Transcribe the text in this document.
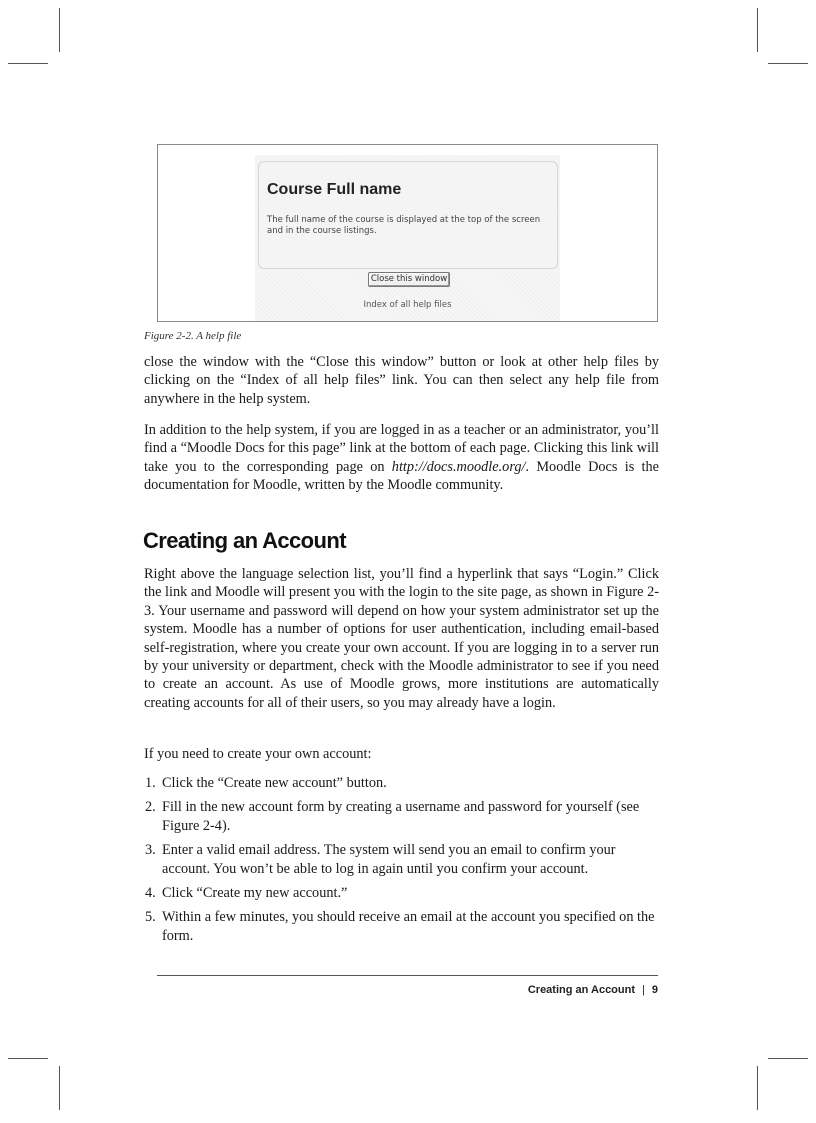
Course Full name

The full name of the course is displayed at the top of the screen and in the course listings.

Close this window
Index of all help files

Figure 2-2. A help file

close the window with the “Close this window” button or look at other help files by clicking on the “Index of all help files” link. You can then select any help file from anywhere in the help system.

In addition to the help system, if you are logged in as a teacher or an administrator, you’ll find a “Moodle Docs for this page” link at the bottom of each page. Clicking this link will take you to the corresponding page on http://docs.moodle.org/. Moodle Docs is the documentation for Moodle, written by the Moodle community.

Creating an Account

Right above the language selection list, you’ll find a hyperlink that says “Login.” Click the link and Moodle will present you with the login to the site page, as shown in Figure 2-3. Your username and password will depend on how your system administrator set up the system. Moodle has a number of options for user authentication, including email-based self-registration, where you create your own account. If you are logging in to a server run by your university or department, check with the Moodle administrator to see if you need to create an account. As use of Moodle grows, more institutions are automatically creating accounts for all of their users, so you may already have a login.

If you need to create your own account:

1. Click the “Create new account” button.
2. Fill in the new account form by creating a username and password for yourself (see Figure 2-4).
3. Enter a valid email address. The system will send you an email to confirm your account. You won’t be able to log in again until you confirm your account.
4. Click “Create my new account.”
5. Within a few minutes, you should receive an email at the account you specified on the form.

Creating an Account | 9
